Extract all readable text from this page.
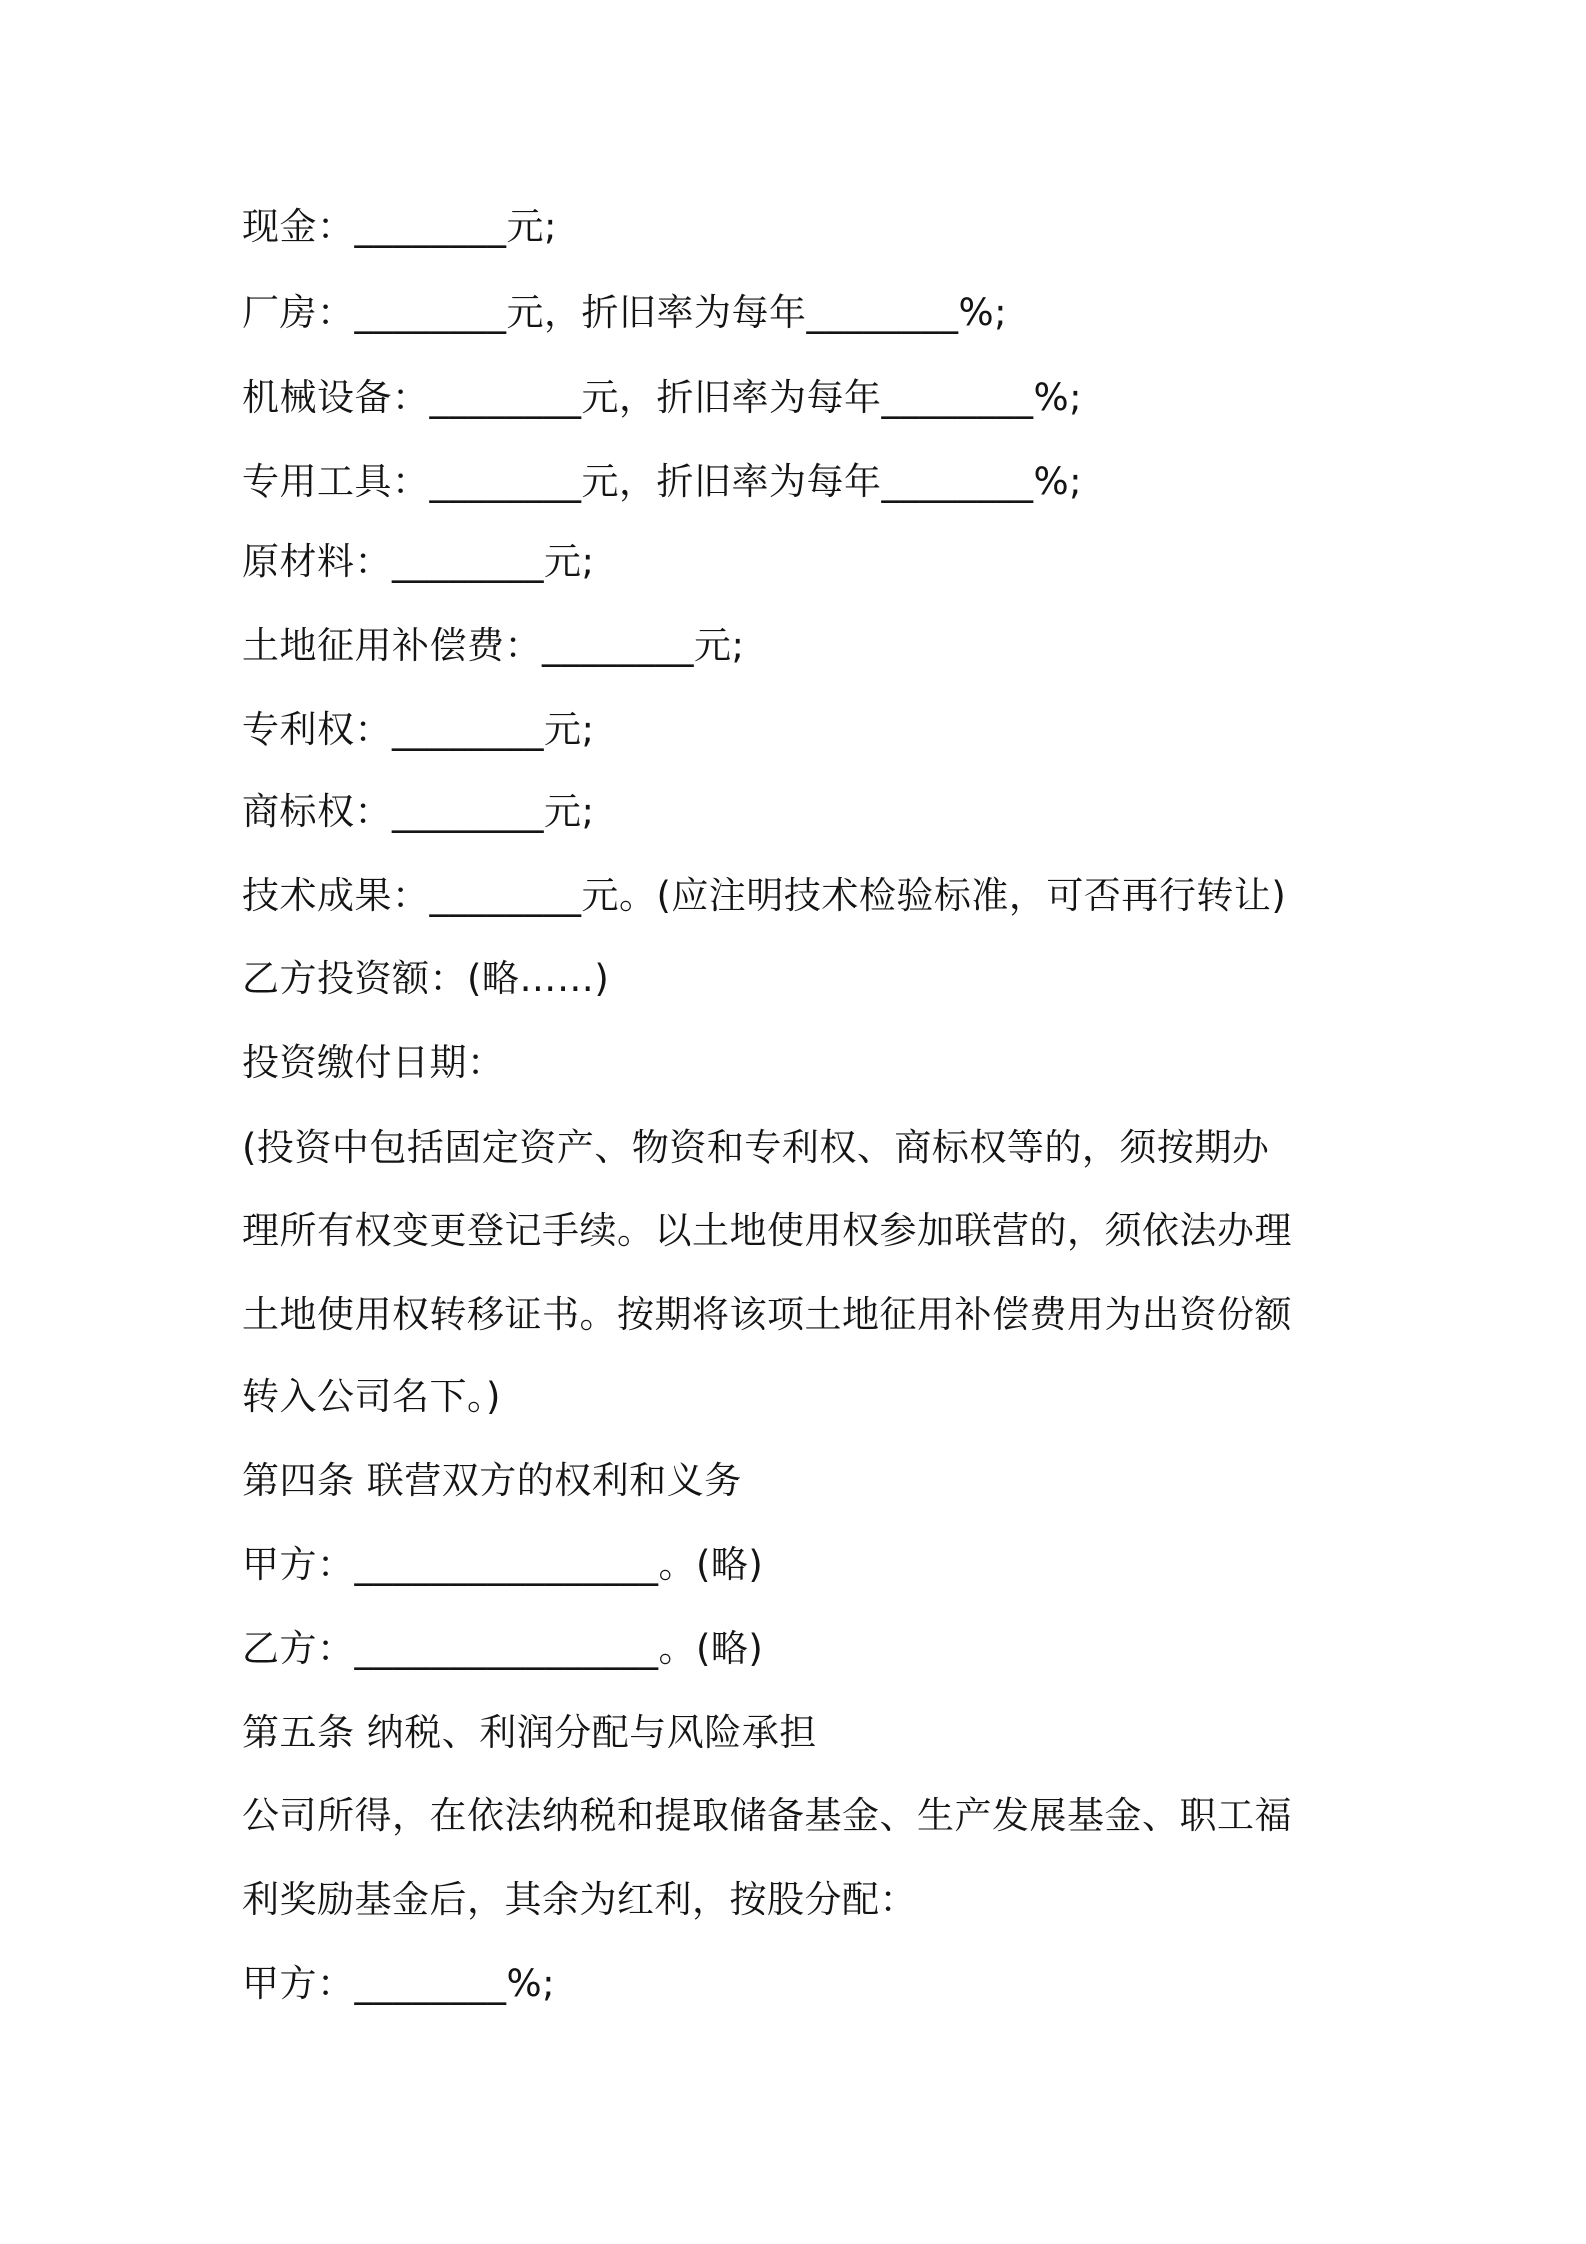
现金：________元;

厂房：________元，折旧率为每年________%;

机械设备：________元，折旧率为每年________%;

专用工具：________元，折旧率为每年________%;

原材料：________元;

土地征用补偿费：________元;

专利权：________元;

商标权：________元;

技术成果：________元。(应注明技术检验标准，可否再行转让)

乙方投资额：(略……)

投资缴付日期：

(投资中包括固定资产、物资和专利权、商标权等的，须按期办

理所有权变更登记手续。以土地使用权参加联营的，须依法办理

土地使用权转移证书。按期将该项土地征用补偿费用为出资份额

转入公司名下。)

第四条 联营双方的权利和义务

甲方：________________。(略)

乙方：________________。(略)

第五条 纳税、利润分配与风险承担

公司所得，在依法纳税和提取储备基金、生产发展基金、职工福

利奖励基金后，其余为红利，按股分配：

甲方：________%;
